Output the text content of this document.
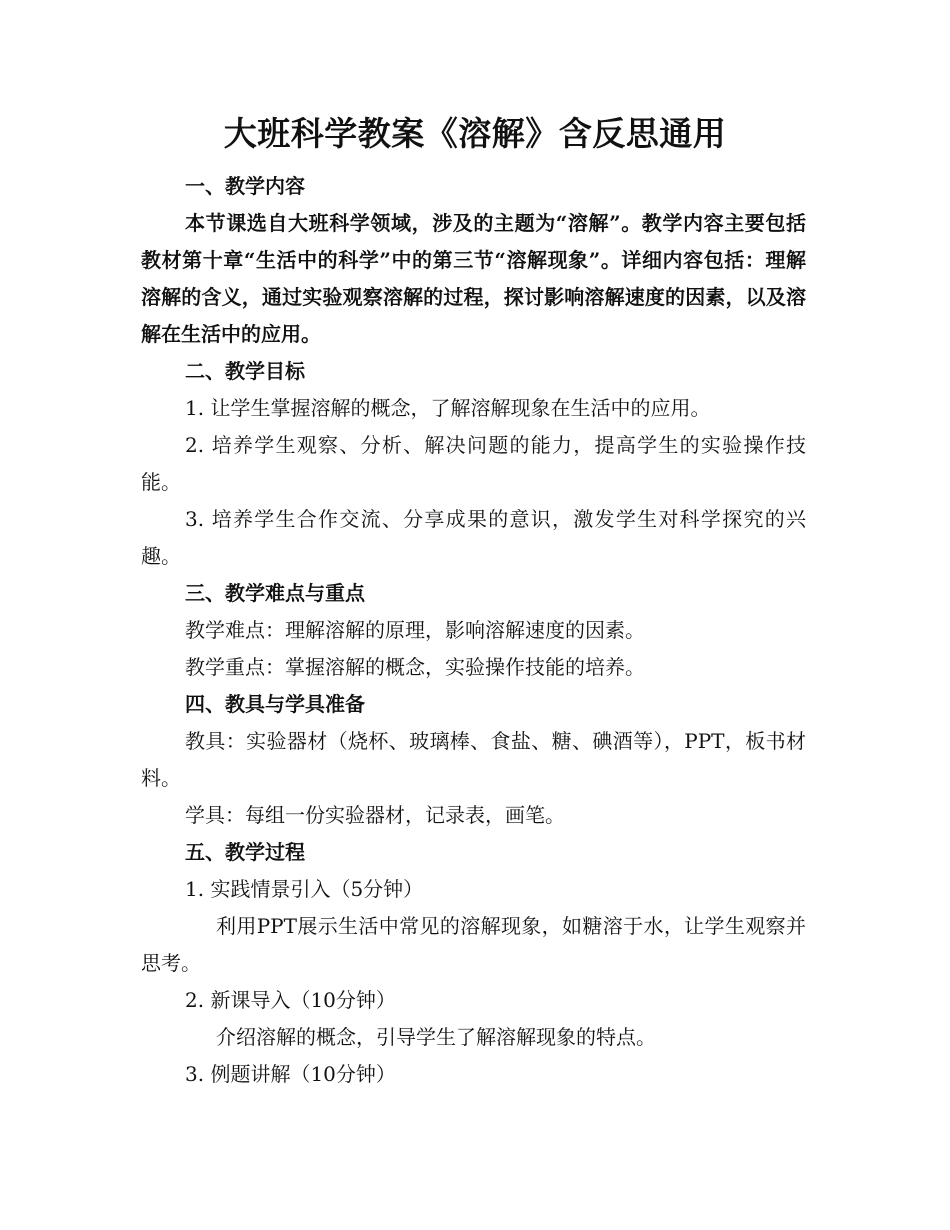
大班科学教案《溶解》含反思通用

一、教学内容

本节课选自大班科学领域，涉及的主题为“溶解”。教学内容主要包括教材第十章“生活中的科学”中的第三节“溶解现象”。详细内容包括：理解溶解的含义，通过实验观察溶解的过程，探讨影响溶解速度的因素，以及溶解在生活中的应用。

二、教学目标

1. 让学生掌握溶解的概念，了解溶解现象在生活中的应用。

2. 培养学生观察、分析、解决问题的能力，提高学生的实验操作技能。

3. 培养学生合作交流、分享成果的意识，激发学生对科学探究的兴趣。

三、教学难点与重点

教学难点：理解溶解的原理，影响溶解速度的因素。

教学重点：掌握溶解的概念，实验操作技能的培养。

四、教具与学具准备

教具：实验器材（烧杯、玻璃棒、食盐、糖、碘酒等），PPT，板书材料。

学具：每组一份实验器材，记录表，画笔。

五、教学过程

1. 实践情景引入（5分钟）

利用PPT展示生活中常见的溶解现象，如糖溶于水，让学生观察并思考。

2. 新课导入（10分钟）

介绍溶解的概念，引导学生了解溶解现象的特点。

3. 例题讲解（10分钟）
